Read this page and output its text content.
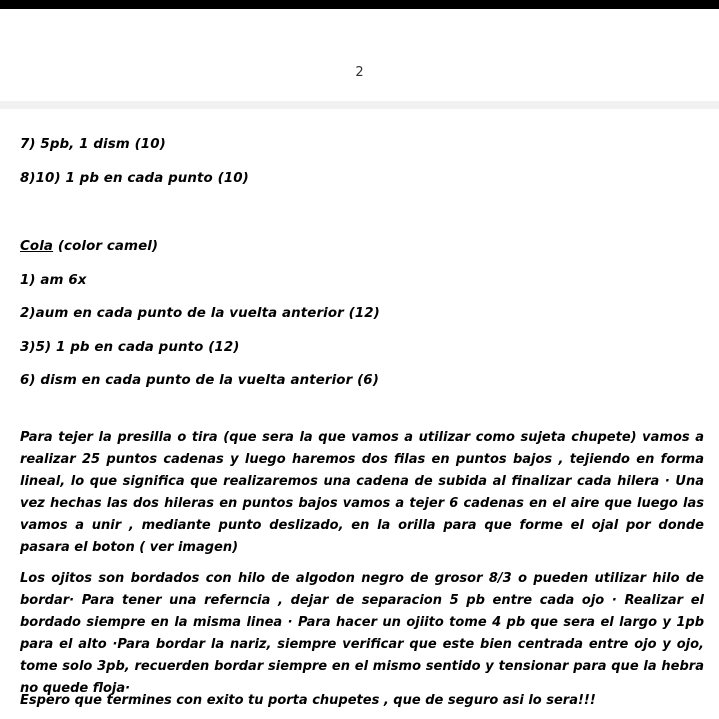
2
7) 5pb, 1 dism (10)
8)10) 1 pb en cada punto (10)
Cola (color camel)
1) am 6x
2)aum en cada punto de la vuelta anterior (12)
3)5) 1 pb en cada punto (12)
6) dism en cada punto de la vuelta anterior (6)
Para tejer la presilla o tira (que sera la que vamos a utilizar como sujeta chupete) vamos a realizar 25 puntos cadenas y luego haremos dos filas en puntos bajos , tejiendo en forma lineal, lo que significa que realizaremos una cadena de subida al finalizar cada hilera · Una vez hechas las dos hileras en puntos bajos vamos a tejer 6 cadenas en el aire que luego las vamos a unir , mediante punto deslizado, en la orilla para que forme el ojal por donde pasara el boton ( ver imagen)
Los ojitos son bordados con hilo de algodon negro de grosor 8/3 o pueden utilizar hilo de bordar· Para tener una referncia , dejar de separacion 5 pb entre cada ojo · Realizar el bordado siempre en la misma linea · Para hacer un ojiito tome 4 pb que sera el largo y 1pb para el alto ·Para bordar la nariz, siempre verificar que este bien centrada entre ojo y ojo, tome solo 3pb, recuerden bordar siempre en el mismo sentido y tensionar para que la hebra no quede floja·
Espero que termines con exito tu porta chupetes , que de seguro asi lo sera!!!
